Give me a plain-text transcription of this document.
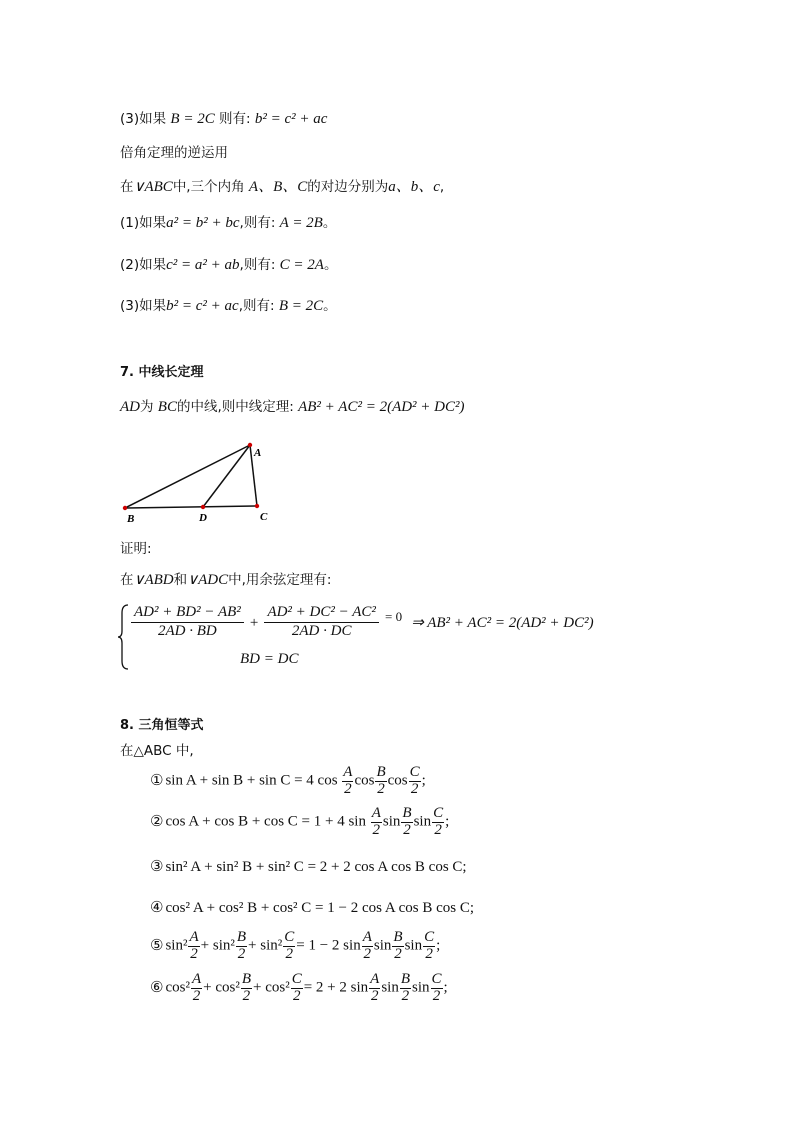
(3)如果 B = 2C 则有: b² = c² + ac
倍角定理的逆运用
在∨ABC中,三个内角 A、B、C的对边分别为a、b、c,
(1)如果a² = b² + bc,则有: A = 2B。
(2)如果c² = a² + ab,则有: C = 2A。
(3)如果b² = c² + ac,则有: B = 2C。
7. 中线长定理
AD为 BC的中线,则中线定理: AB² + AC² = 2(AD² + DC²)
A
B	C
D
证明:
在∨ABD和∨ADC中,用余弦定理有:
$\frac{\text{AD² + BD² − AB²}}{2AD \cdot BD} + \frac{\text{AD² + DC² − AC²}}{2AD \cdot DC} ^{= 0}$ ⇒ AB² + AC² = 2(AD² + DC²)
BD = DC
8. 三角恒等式
在△ABC 中,
① sin A + sin B + sin C = 4 $\cos \frac{A}{2}$ $\cos \frac{B}{2}$ $\cos \frac{C}{2}$ ;
② cos A + cos B + cos C = 1 + 4 $\sin \frac{A}{2}$ $\sin \frac{B}{2}$ $\sin \frac{C}{2}$ ;
③ sin² A + sin² B + sin² C = 2 + 2 cos A cos B cos C;
④ cos² A + cos² B + cos² C = 1 − 2 cos A cos B cos C;
⑤ $\sin^2 \frac{A}{2} + \sin^2 \frac{B}{2} + \sin^2 \frac{C}{2} = 1 - 2$ $\sin \frac{A}{2}$ $\sin \frac{B}{2}$ $\sin \frac{C}{2}$ ;
⑥ $\cos^2 \frac{A}{2} + \cos^2 \frac{B}{2} + \cos^2 \frac{C}{2} = 2 + 2$ $\sin \frac{A}{2}$ $\sin \frac{B}{2}$ $\sin \frac{C}{2}$ ;
